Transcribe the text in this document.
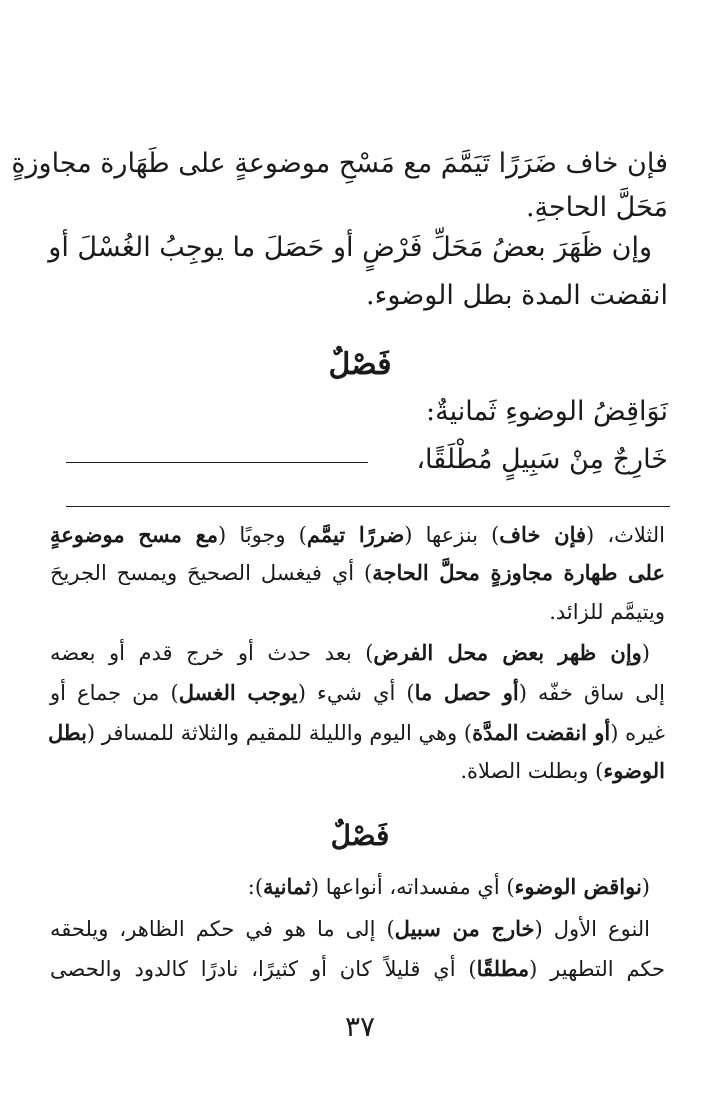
فإن خاف ضَرَرًا تَيَمَّمَ مع مَسْحِ موضوعةٍ على طَهَارة مجاوزةٍ
مَحَلَّ الحاجةِ.
وإن ظَهَرَ بعضُ مَحَلِّ فَرْضٍ أو حَصَلَ ما يوجِبُ الغُسْلَ أو
انقضت المدة بطل الوضوء.
فَصْلٌ
نَوَاقِضُ الوضوءِ ثَمانيةٌ:
خَارِجٌ مِنْ سَبِيلٍ مُطْلَقًا،
الثلاث، (فإن خاف) بنزعها (ضررًا تيمَّم) وجوبًا (مع مسح موضوعةٍ
على طهارة مجاوزةٍ محلَّ الحاجة) أي فيغسل الصحيحَ ويمسح الجريحَ
ويتيمَّم للزائد.
(وإن ظهر بعض محل الفرض) بعد حدث أو خرج قدم أو بعضه
إلى ساق خفّه (أو حصل ما) أي شيء (يوجب الغسل) من جماع أو
غيره (أو انقضت المدَّة) وهي اليوم والليلة للمقيم والثلاثة للمسافر (بطل
الوضوء) وبطلت الصلاة.
فَصْلٌ
(نواقض الوضوء) أي مفسداته، أنواعها (ثمانية):
النوع الأول (خارج من سبيل) إلى ما هو في حكم الظاهر، ويلحقه
حكم التطهير (مطلقًا) أي قليلاً كان أو كثيرًا، نادرًا كالدود والحصى
٣٧
